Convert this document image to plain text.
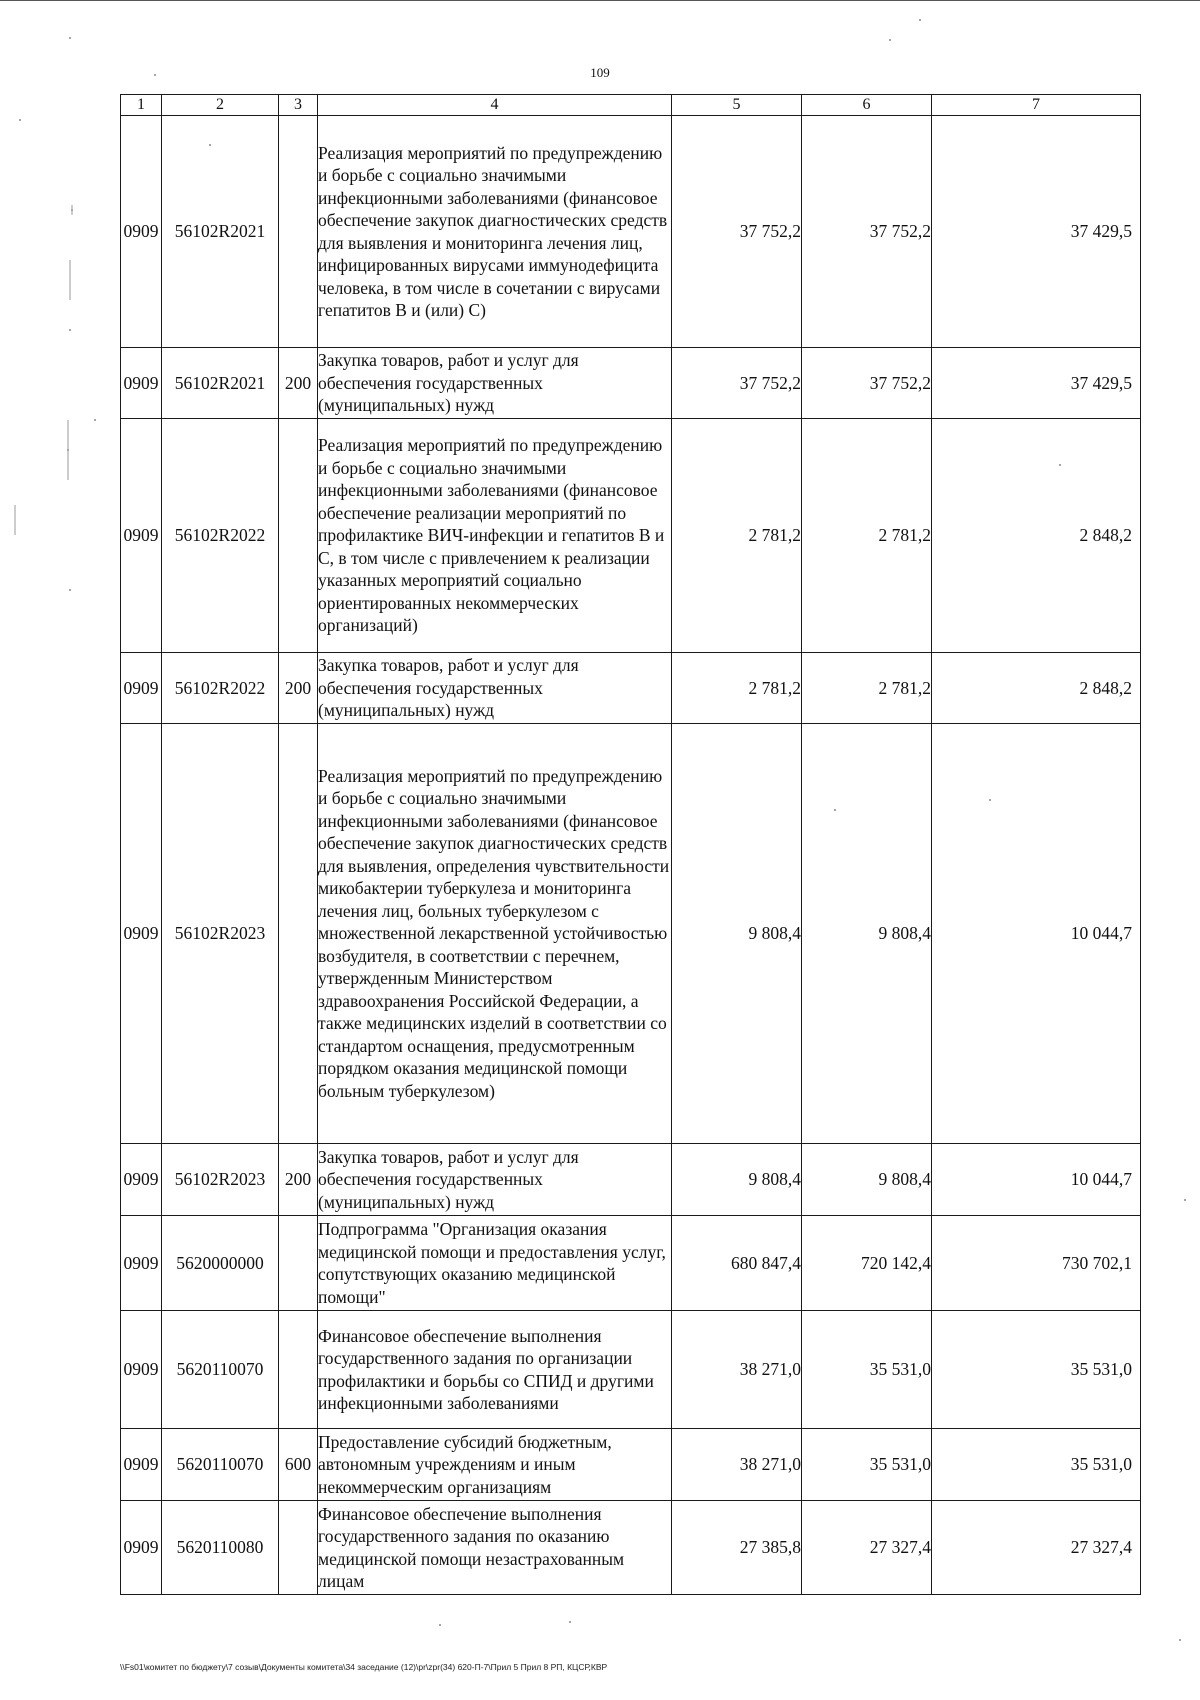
109
1	2	3	4	5	6	7
0909	56102R2021		Реализация мероприятий по предупреждению и борьбе с социально значимыми инфекционными заболеваниями (финансовое обеспечение закупок диагностических средств для выявления и мониторинга лечения лиц, инфицированных вирусами иммунодефицита человека, в том числе в сочетании с вирусами гепатитов В и (или) С)	37 752,2	37 752,2	37 429,5
0909	56102R2021	200	Закупка товаров, работ и услуг для обеспечения государственных (муниципальных) нужд	37 752,2	37 752,2	37 429,5
0909	56102R2022		Реализация мероприятий по предупреждению и борьбе с социально значимыми инфекционными заболеваниями (финансовое обеспечение реализации мероприятий по профилактике ВИЧ-инфекции и гепатитов В и С, в том числе с привлечением к реализации указанных мероприятий социально ориентированных некоммерческих организаций)	2 781,2	2 781,2	2 848,2
0909	56102R2022	200	Закупка товаров, работ и услуг для обеспечения государственных (муниципальных) нужд	2 781,2	2 781,2	2 848,2
0909	56102R2023		Реализация мероприятий по предупреждению и борьбе с социально значимыми инфекционными заболеваниями (финансовое обеспечение закупок диагностических средств для выявления, определения чувствительности микобактерии туберкулеза и мониторинга лечения лиц, больных туберкулезом с множественной лекарственной устойчивостью возбудителя, в соответствии с перечнем, утвержденным Министерством здравоохранения Российской Федерации, а также медицинских изделий в соответствии со стандартом оснащения, предусмотренным порядком оказания медицинской помощи больным туберкулезом)	9 808,4	9 808,4	10 044,7
0909	56102R2023	200	Закупка товаров, работ и услуг для обеспечения государственных (муниципальных) нужд	9 808,4	9 808,4	10 044,7
0909	5620000000		Подпрограмма "Организация оказания медицинской помощи и предоставления услуг, сопутствующих оказанию медицинской помощи"	680 847,4	720 142,4	730 702,1
0909	5620110070		Финансовое обеспечение выполнения государственного задания по организации профилактики и борьбы со СПИД и другими инфекционными заболеваниями	38 271,0	35 531,0	35 531,0
0909	5620110070	600	Предоставление субсидий бюджетным, автономным учреждениям и иным некоммерческим организациям	38 271,0	35 531,0	35 531,0
0909	5620110080		Финансовое обеспечение выполнения государственного задания по оказанию медицинской помощи незастрахованным лицам	27 385,8	27 327,4	27 327,4
\\Fs01\комитет по бюджету\7 созыв\Документы комитета\34 заседание (12)\pr\zpr(34) 620-П-7\Прил 5 Прил 8 РП, КЦСР,КВР
